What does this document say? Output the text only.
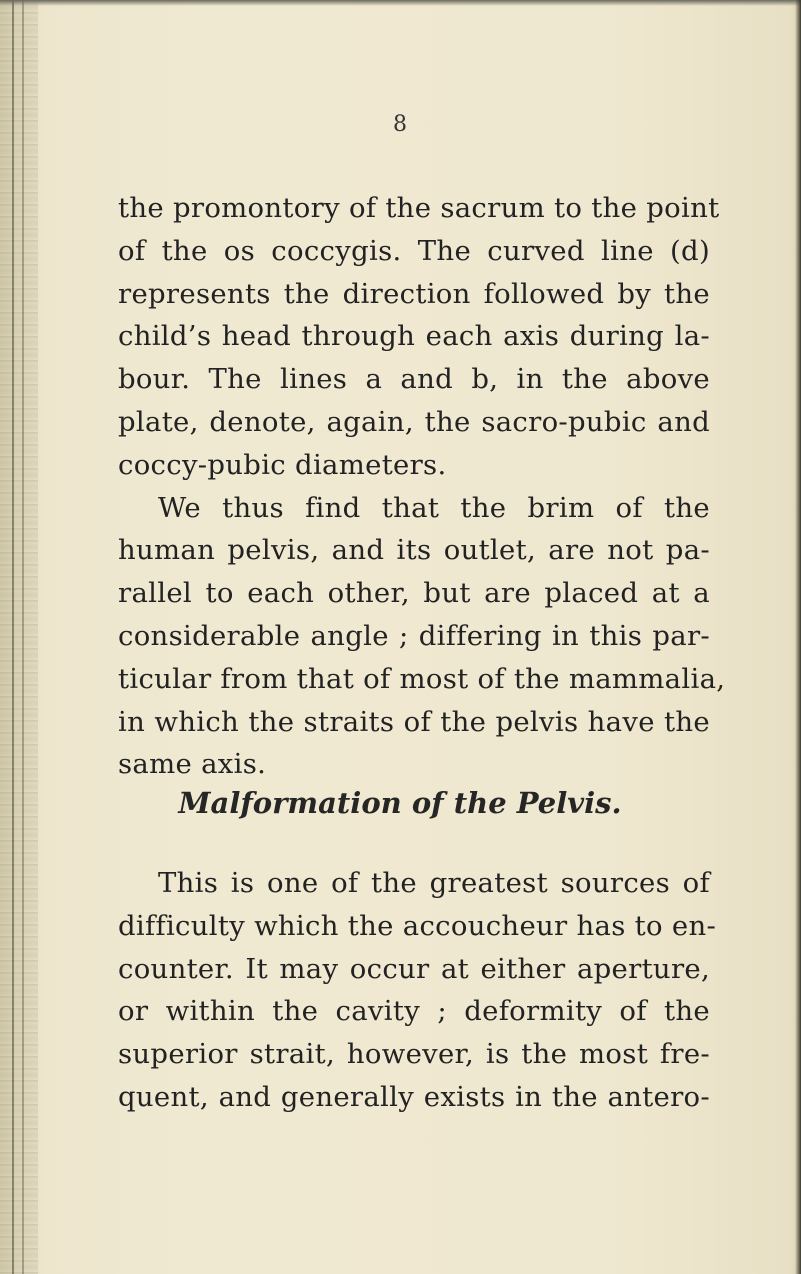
8
the promontory of the sacrum to the point
of the os coccygis. The curved line (d)
represents the direction followed by the
child’s head through each axis during la-
bour. The lines a and b, in the above
plate, denote, again, the sacro-pubic and
coccy-pubic diameters.
We thus find that the brim of the
human pelvis, and its outlet, are not pa-
rallel to each other, but are placed at a
considerable angle ; differing in this par-
ticular from that of most of the mammalia,
in which the straits of the pelvis have the
same axis.
Malformation of the Pelvis.
This is one of the greatest sources of
difficulty which the accoucheur has to en-
counter. It may occur at either aperture,
or within the cavity ; deformity of the
superior strait, however, is the most fre-
quent, and generally exists in the antero-
